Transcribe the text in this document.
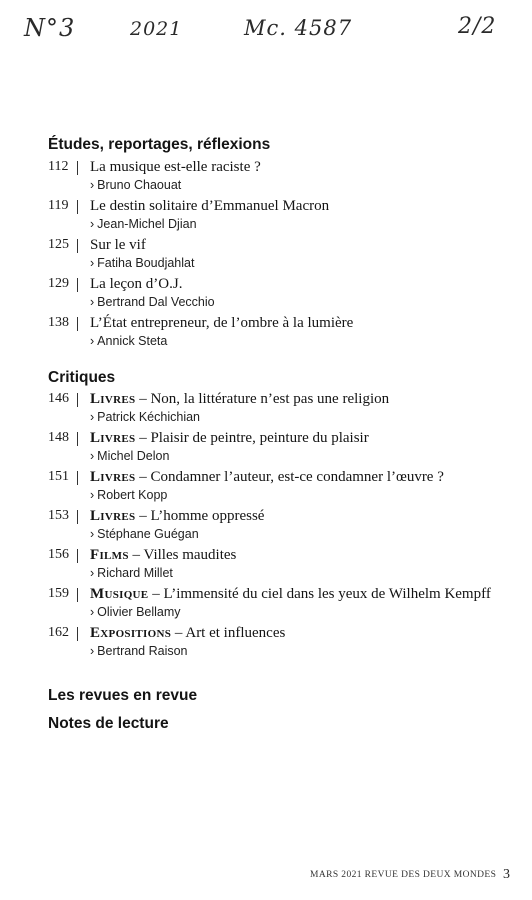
N°3	2021	Mc. 4587	2/2
Études, reportages, réflexions
112	La musique est-elle raciste ?
› Bruno Chaouat
119	Le destin solitaire d’Emmanuel Macron
› Jean-Michel Djian
125	Sur le vif
› Fatiha Boudjahlat
129	La leçon d’O.J.
› Bertrand Dal Vecchio
138	L’État entrepreneur, de l’ombre à la lumière
› Annick Steta
Critiques
146	Livres – Non, la littérature n’est pas une religion
› Patrick Kéchichian
148	Livres – Plaisir de peintre, peinture du plaisir
› Michel Delon
151	Livres – Condamner l’auteur, est-ce condamner l’œuvre ?
› Robert Kopp
153	Livres – L’homme oppressé
› Stéphane Guégan
156	Films – Villes maudites
› Richard Millet
159	Musique – L’immensité du ciel dans les yeux de Wilhelm Kempff
› Olivier Bellamy
162	Expositions – Art et influences
› Bertrand Raison
Les revues en revue
Notes de lecture
MARS 2021 REVUE DES DEUX MONDES 3
